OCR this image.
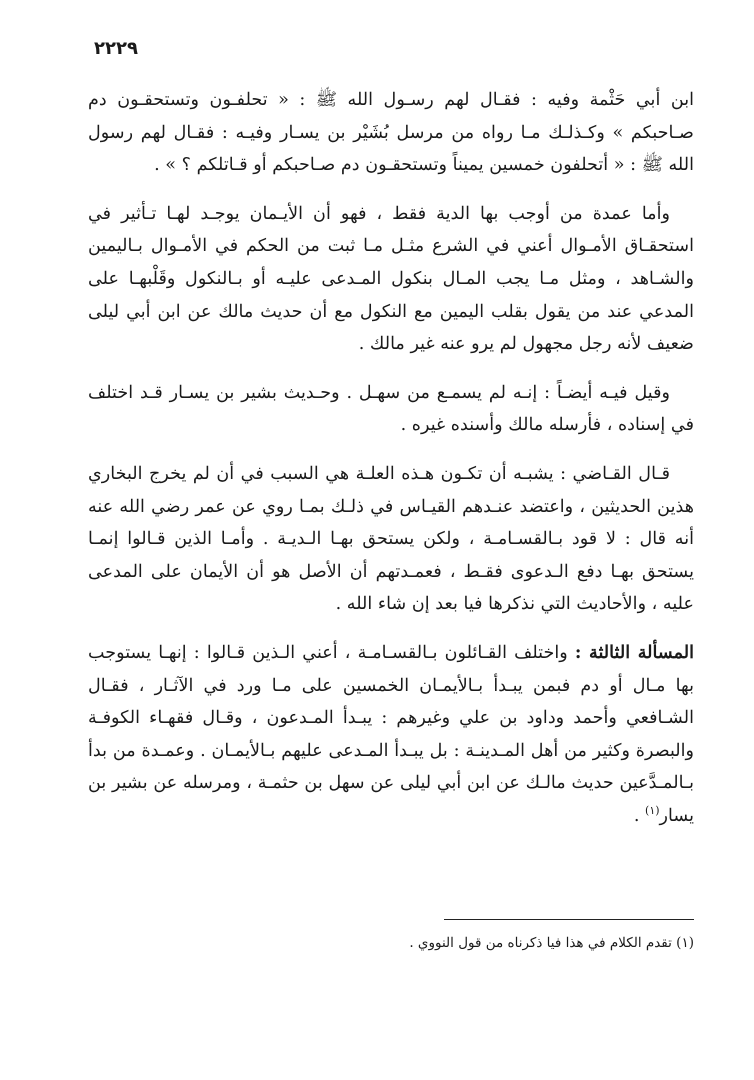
٢٢٢٩

ابن أبي حَثْمة وفيه : فقـال لهم رسـول الله ﷺ : « تحلفـون وتستحقـون دم صـاحبكم » وكـذلـك مـا رواه من مرسل بُشَيْر بن يسـار وفيـه : فقـال لهم رسول الله ﷺ : « أتحلفون خمسين يميناً وتستحقـون دم صـاحبكم أو قـاتلكم ؟ » .

وأما عمدة من أوجب بها الدية فقط ، فهو أن الأيـمان يوجـد لهـا تـأثير في استحقـاق الأمـوال أعني في الشرع مثـل مـا ثبت من الحكم في الأمـوال بـاليمين والشـاهد ، ومثل مـا يجب المـال بنكول المـدعى عليـه أو بـالنكول وقَلْبهـا على المدعي عند من يقول بقلب اليمين مع النكول مع أن حديث مالك عن ابن أبي ليلى ضعيف لأنه رجل مجهول لم يرو عنه غير مالك .

وقيل فيـه أيضـاً : إنـه لم يسمـع من سهـل . وحـديث بشير بن يسـار قـد اختلف في إسناده ، فأرسله مالك وأسنده غيره .

قـال القـاضي : يشبـه أن تكـون هـذه العلـة هي السبب في أن لم يخرج البخاري هذين الحديثين ، واعتضد عنـدهم القيـاس في ذلـك بمـا روي عن عمر رضي الله عنه أنه قال : لا قود بـالقسـامـة ، ولكن يستحق بهـا الـديـة . وأمـا الذين قـالوا إنمـا يستحق بهـا دفع الـدعوى فقـط ، فعمـدتهم أن الأصل هو أن الأيمان على المدعى عليه ، والأحاديث التي نذكرها فيا بعد إن شاء الله .

المسألة الثالثة : واختلف القـائلون بـالقسـامـة ، أعني الـذين قـالوا : إنهـا يستوجب بها مـال أو دم فبمن يبـدأ بـالأيمـان الخمسين على مـا ورد في الآثـار ، فقـال الشـافعي وأحمد وداود بن علي وغيرهم : يبـدأ المـدعون ، وقـال فقهـاء الكوفـة والبصرة وكثير من أهل المـدينـة : بل يبـدأ المـدعى عليهم بـالأيمـان . وعمـدة من بدأ بـالمـدَّعين حديث مالـك عن ابن أبي ليلى عن سهل بن حثمـة ، ومرسله عن بشير بن يسار$^{(١)}$ .

(١) تقدم الكلام في هذا فيا ذكرناه من قول النووي .
